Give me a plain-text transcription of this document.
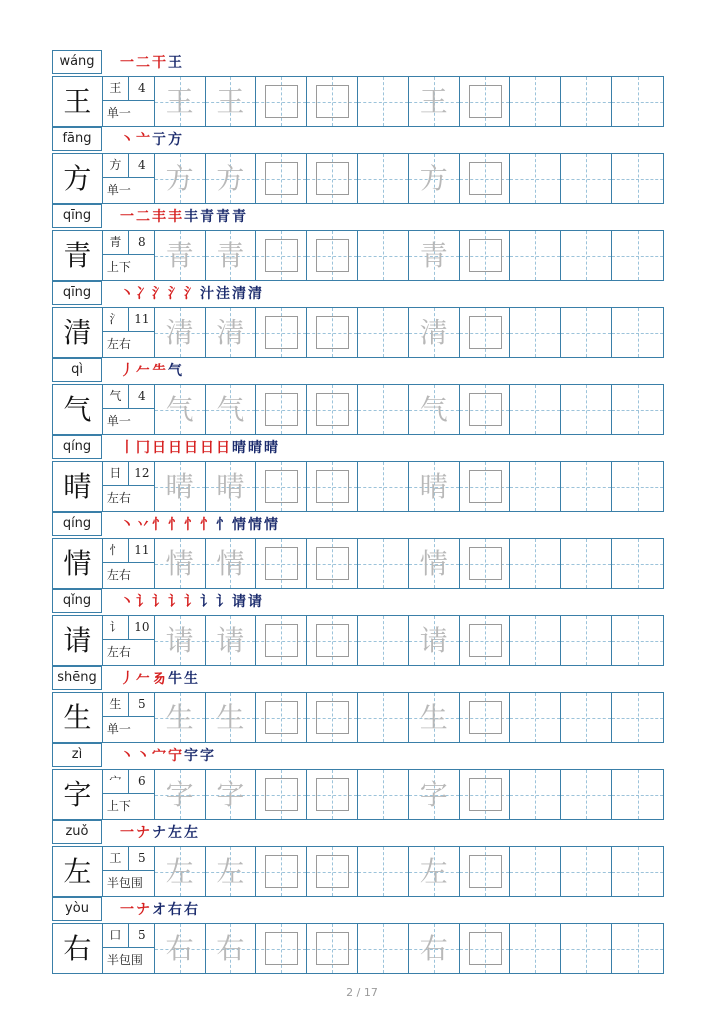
wáng	一 二 干 王
王	王	4
单一	王 王	王
fāng	丶 亠 亍 方
方	方	4
单一	方 方	方
qīng	一 二 丰 丰 丰 青 青 青
青	青	8
上下	青 青	青
qīng	丶 冫 氵 氵 氵 汁 洼 清 清
清	氵	11
左右	清 清	清
qì	丿 𠂉 ⺧ 气
气	气	4
单一	气 气	气
qíng	丨 冂 日 日 日 日 日 晴 晴 晴
晴	日	12
左右	晴 晴	晴
qíng	丶 丷 忄 忄 忄 忄 忄 情 情 情
情	忄	11
左右	情 情	情
qǐng	丶 讠 讠 讠 讠 讠 讠 请 请
请	讠	10
左右	请 请	请
shēng	丿 𠂉 𠃓 牛 生
生	生	5
单一	生 生	生
zì	丶 丶 宀 宁 宇 字
字	宀	6
上下	字 字	字
zuǒ	一 ナ ナ 左 左
左	工	5
半包围 左 左	左
yòu	一 ナ オ 右 右
右	口	5
半包围 右 右	右
2 / 17
